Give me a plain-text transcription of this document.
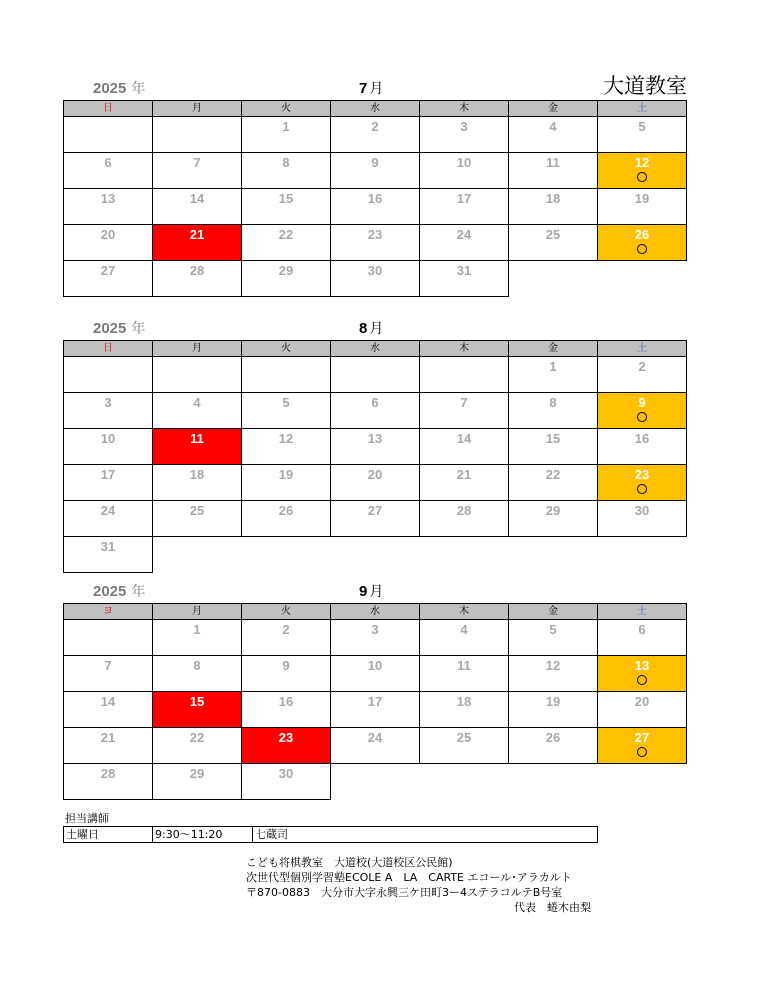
2025 年	7 月	大道教室
日	月	火	水	木	金	土

		1	2	3	4	5

6	7	8	9	10	11	12

13	14	15	16	17	18	19

20	21	22	23	24	25	26

27	28	29	30	31		

2025 年	8 月
日	月	火	水	木	金	土

					1	2

3	4	5	6	7	8	9

10	11	12	13	14	15	16

17	18	19	20	21	22	23

24	25	26	27	28	29	30

31						

2025 年	9 月
ヨ	月	火	水	木	金	土

	1	2	3	4	5	6

7	8	9	10	11	12	13

14	15	16	17	18	19	20

21	22	23	24	25	26	27

28	29	30				

担当講師
土曜日	9:30～11:20	七蔵司
こども将棋教室　大道校(大道校区公民館)
次世代型個別学習塾ECOLE A　LA　CARTE エコール･アラカルト
〒870-0883　大分市大字永興三ケ田町3ー4ステラコルテB号室
代表　蜷木由梨
